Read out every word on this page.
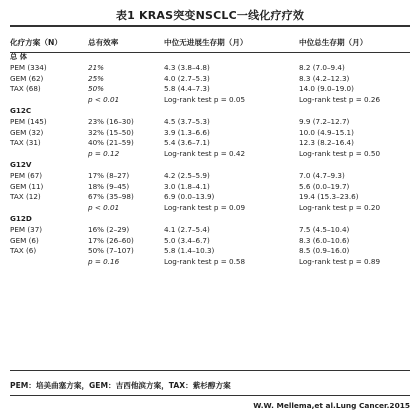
表1 KRAS突变NSCLC一线化疗疗效
化疗方案（N）	总有效率	中位无进展生存期（月）	中位总生存期（月）
总 体			
PEM (334)	21%	4.3 (3.8–4.8)	8.2 (7.0–9.4)
GEM (62)	25%	4.0 (2.7–5.3)	8.3 (4.2–12.3)
TAX (68)	50%	5.8 (4.4–7.3)	14.0 (9.0–19.0)
	p < 0.01	Log-rank test p = 0.05	Log-rank test p = 0.26
G12C			
PEM (145)	23% (16–30)	4.5 (3.7–5.3)	9.9 (7.2–12.7)
GEM (32)	32% (15–50)	3.9 (1.3–6.6)	10.0 (4.9–15.1)
TAX (31)	40% (21–59)	5.4 (3.6–7.1)	12.3 (8.2–16.4)
	p = 0.12	Log-rank test p = 0.42	Log-rank test p = 0.50
G12V			
PEM (67)	17% (8–27)	4.2 (2.5–5.9)	7.0 (4.7–9.3)
GEM (11)	18% (9–45)	3.0 (1.8–4.1)	5.6 (0.0–19.7)
TAX (12)	67% (35–98)	6.9 (0.0–13.9)	19.4 (15.3–23.6)
	p < 0.01	Log-rank test p = 0.09	Log-rank test p = 0.20
G12D			
PEM (37)	16% (2–29)	4.1 (2.7–5.4)	7.5 (4.5–10.4)
GEM (6)	17% (26–60)	5.0 (3.4–6.7)	8.3 (6.0–10.6)
TAX (6)	50% (7–107)	5.8 (1.4–10.3)	8.5 (0.9–16.0)
	p = 0.16	Log-rank test p = 0.58	Log-rank test p = 0.89
PEM：培美曲塞方案，GEM：吉西他滨方案，TAX：紫杉醇方案
W.W. Mellema,et al.Lung Cancer.2015
